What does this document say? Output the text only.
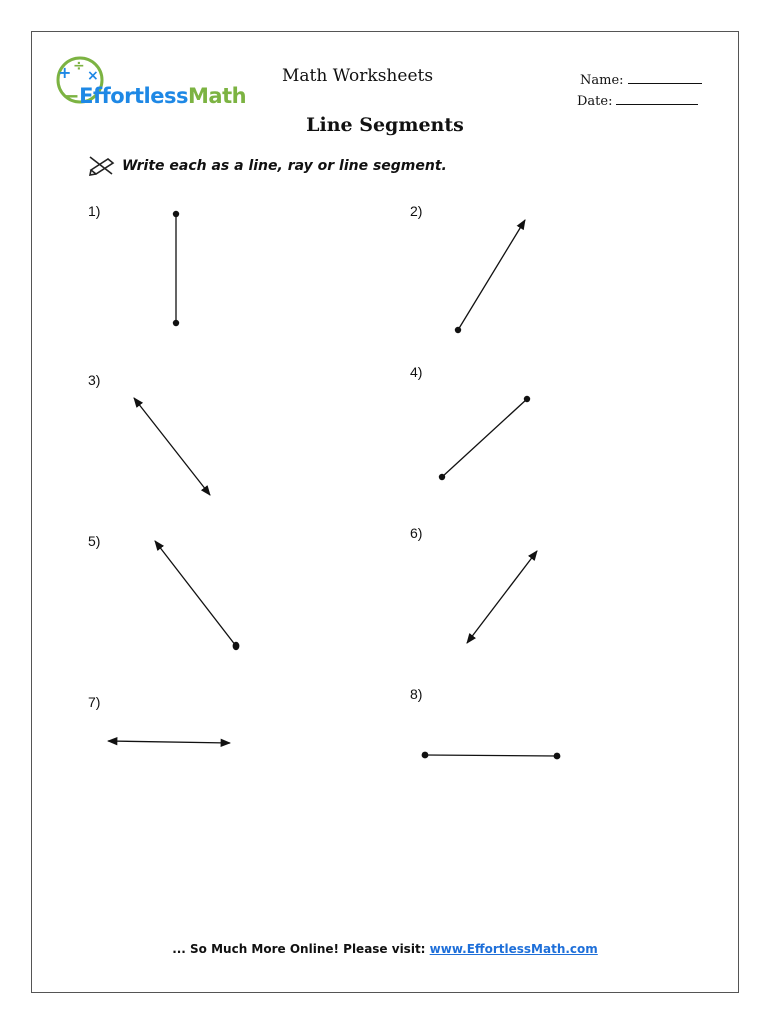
+ ÷
×
−EffortlessMath
Math Worksheets	Name:
Date:
Line Segments
Write each as a line, ray or line segment.
1)	2)
3)	4)
5)	6)
7)	8)
... So Much More Online! Please visit: www.EffortlessMath.com
